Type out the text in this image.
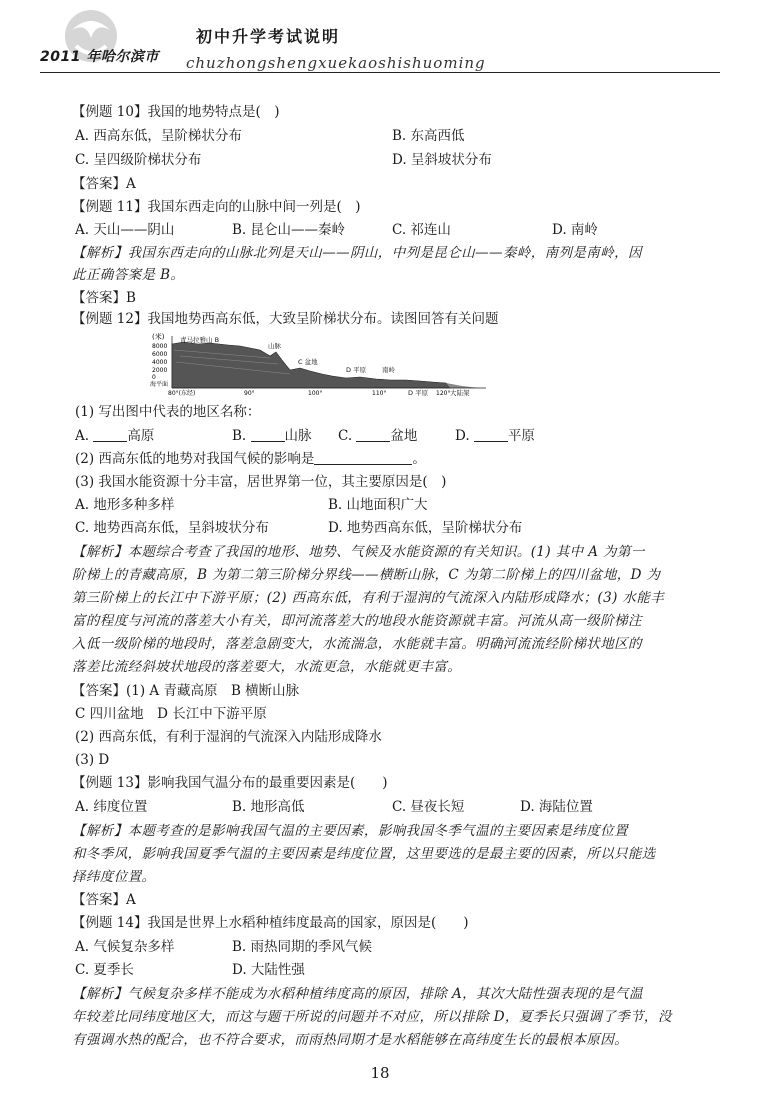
2011 年哈尔滨市
初中升学考试说明
chuzhongshengxuekaoshishuoming
【例题 10】我国的地势特点是(　)
A. 西高东低，呈阶梯状分布	B. 东高西低
C. 呈四级阶梯状分布	D. 呈斜坡状分布
【答案】A
【例题 11】我国东西走向的山脉中间一列是(　)
A. 天山——阴山	B. 昆仑山——秦岭	C. 祁连山	D. 南岭
【解析】我国东西走向的山脉北列是天山——阴山，中列是昆仑山——秦岭，南列是南岭，因
此正确答案是 B。
【答案】B
【例题 12】我国地势西高东低，大致呈阶梯状分布。读图回答有关问题
(米)
8000
6000
4000
2000
0
海平面
青马拉雅山 B
山脉
C 盆地
D 平原 南岭
D 平原	大陆架
80°(东经)	90°	100°	110°	120°
(1) 写出图中代表的地区名称：
A.	高原	B.	山脉 C.	盆地	D.	平原
(2) 西高东低的地势对我国气候的影响是	。
(3) 我国水能资源十分丰富，居世界第一位，其主要原因是(　)
A. 地形多种多样	B. 山地面积广大
C. 地势西高东低，呈斜坡状分布	D. 地势西高东低，呈阶梯状分布
【解析】本题综合考查了我国的地形、地势、气候及水能资源的有关知识。(1) 其中 A 为第一
阶梯上的青藏高原，B 为第二第三阶梯分界线——横断山脉，C 为第二阶梯上的四川盆地，D 为
第三阶梯上的长江中下游平原；(2) 西高东低，有利于湿润的气流深入内陆形成降水；(3) 水能丰
富的程度与河流的落差大小有关，即河流落差大的地段水能资源就丰富。河流从高一级阶梯注
入低一级阶梯的地段时，落差急剧变大，水流湍急，水能就丰富。明确河流流经阶梯状地区的
落差比流经斜坡状地段的落差要大，水流更急，水能就更丰富。
【答案】(1) A 青藏高原　B 横断山脉
C 四川盆地　D 长江中下游平原
(2) 西高东低，有利于湿润的气流深入内陆形成降水
(3) D
【例题 13】影响我国气温分布的最重要因素是(　　)
A. 纬度位置	B. 地形高低	C. 昼夜长短	D. 海陆位置
【解析】本题考查的是影响我国气温的主要因素，影响我国冬季气温的主要因素是纬度位置
和冬季风，影响我国夏季气温的主要因素是纬度位置，这里要选的是最主要的因素，所以只能选
择纬度位置。
【答案】A
【例题 14】我国是世界上水稻种植纬度最高的国家，原因是(　　)
A. 气候复杂多样	B. 雨热同期的季风气候
C. 夏季长	D. 大陆性强
【解析】气候复杂多样不能成为水稻种植纬度高的原因，排除 A，其次大陆性强表现的是气温
年较差比同纬度地区大，而这与题干所说的问题并不对应，所以排除 D，夏季长只强调了季节，没
有强调水热的配合，也不符合要求，而雨热同期才是水稻能够在高纬度生长的最根本原因。
18
